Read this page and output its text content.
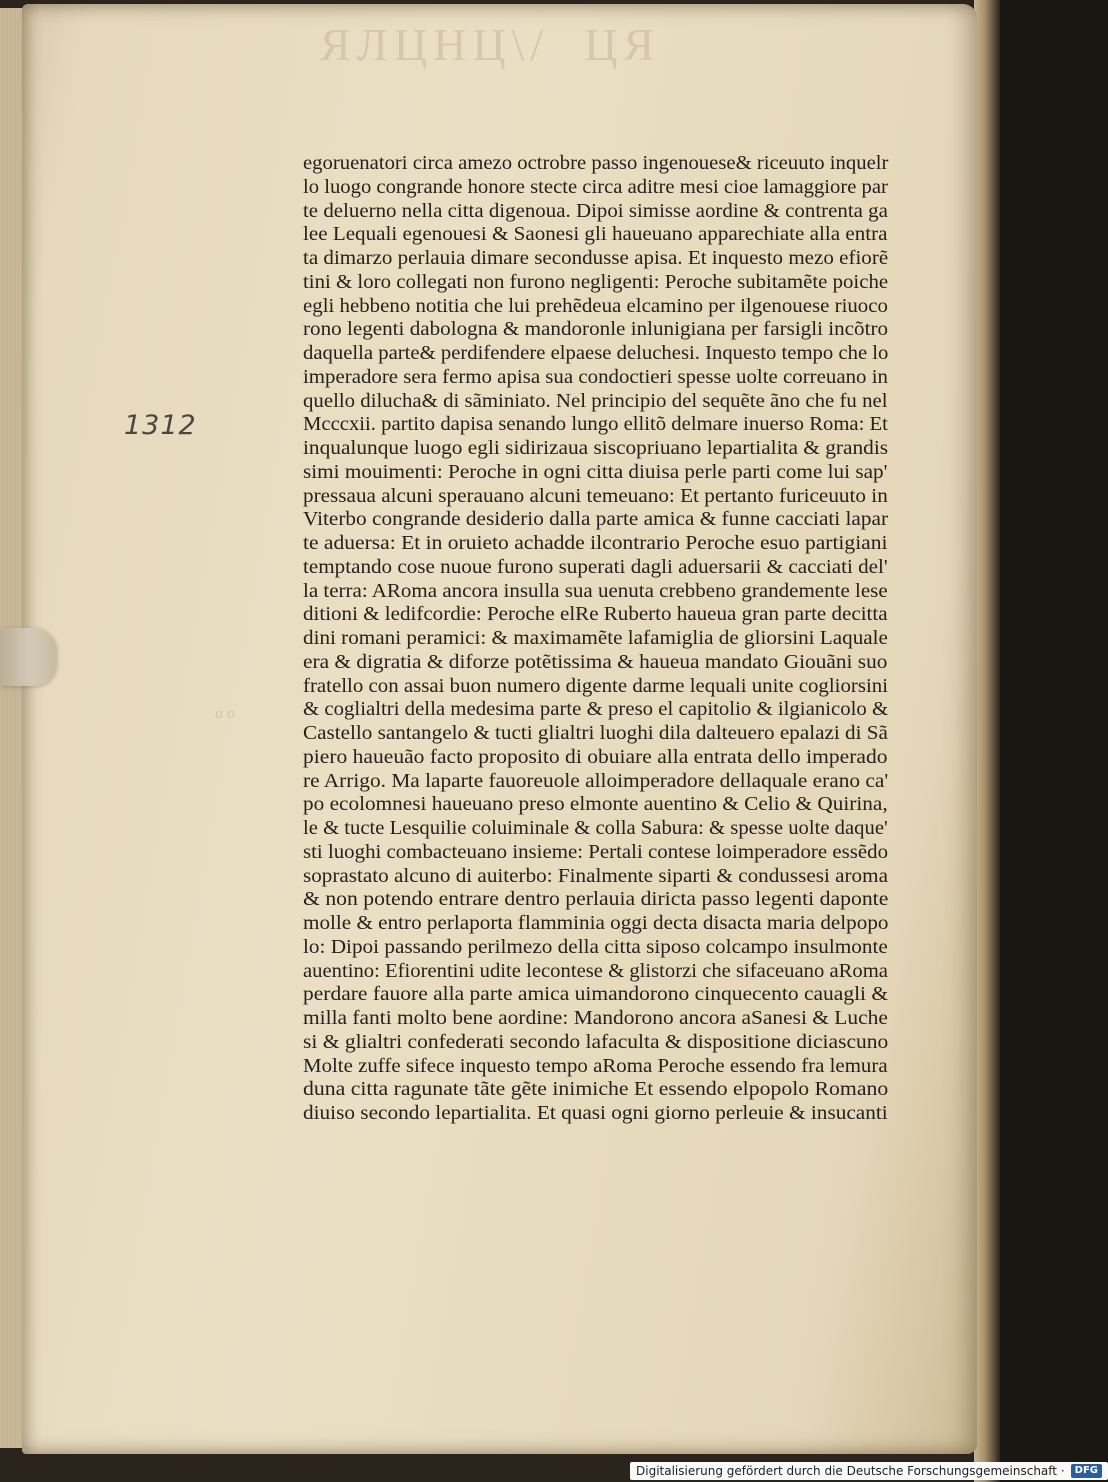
ЯЛЦНЦ\/  ЦЯ
a o
1312
egoruenatori circa amezo octrobre passo ingenouese& riceuuto inquelr
lo luogo congrande honore stecte circa aditre mesi cioe lamaggiore par
te deluerno nella citta digenoua. Dipoi simisse aordine & contrenta ga
lee Lequali egenouesi & Saonesi gli haueuano apparechiate alla entra
ta dimarzo perlauia dimare secondusse apisa. Et inquesto mezo efiorẽ
tini & loro collegati non furono negligenti: Peroche subitamẽte poiche
egli hebbeno notitia che lui prehẽdeua elcamino per ilgenouese riuoco
rono legenti dabologna & mandoronle inlunigiana per farsigli incõtro
daquella parte& perdifendere elpaese deluchesi. Inquesto tempo che lo
imperadore sera fermo apisa sua condoctieri spesse uolte correuano in
quello diluchа& di sãminiato. Nel principio del sequẽte ãno che fu nel
Mcccxii. partito dapisa senando lungo ellitõ delmare inuerso Roma: Et
inqualunque luogo egli sidirizaua siscopriuano lepartialita & grandis
simi mouimenti: Peroche in ogni citta diuisa perle parti come lui sap'
pressaua alcuni sperauano alcuni temeuano: Et pertanto furiceuuto in
Viterbo congrande desiderio dalla parte amica & funne cacciati lapar
te aduersa: Et in oruieto achadde ilcontrario Peroche esuo partigiani
temptando cose nuoue furono superati dagli aduersarii & cacciati del'
la terra: ARoma ancora insulla sua uenuta crebbeno grandemente lese
ditioni & ledifcordie: Peroche elRe Ruberto haueua gran parte decitta
dini romani peramici: & maximamẽte lafamiglia de gliorsini Laquale
era & digratia & diforze potẽtissima & haueua mandato Giouãni suo
fratello con assai buon numero digente darme lequali unite cogliorsini
& coglialtri della medesima parte & preso el capitolio & ilgianicolo &
Castello santangelo & tucti glialtri luoghi dila dalteuero epalazi di Sã
piero haueuão facto proposito di obuiare alla entrata dello imperado
re Arrigo. Ma laparte fauoreuole alloimperadore dellaquale erano ca'
po ecolomnesi haueuano preso elmonte auentino & Celio & Quirina,
le & tucte Lesquilie coluiminale & colla Sabura: & spesse uolte daque'
sti luoghi combacteuano insieme: Pertali contese loimperadore essẽdo
soprastato alcuno di auiterbo: Finalmente siparti & condussesi aroma
& non potendo entrare dentro perlauia diricta passo legenti daponte
molle & entro perlaporta flamminia oggi decta disacta maria delpopo
lo: Dipoi passando perilmezo della citta siposo colcampo insulmonte
auentino: Efiorentini udite lecontese & glistorzi che sifaceuano aRoma
perdare fauore alla parte amica uimandorono cinquecento cauagli &
milla fanti molto bene aordine: Mandorono ancora aSanesi & Luche
si & glialtri confederati secondo lafaculta & dispositione diciascuno
Molte zuffe sifece inquesto tempo aRoma Peroche essendo fra lemura
duna citta ragunate tãte gẽte inimiche Et essendo elpopolo Romano
diuiso secondo lepartialita. Et quasi ogni giorno perleuie & insucanti
Digitalisierung gefördert durch die Deutsche Forschungsgemeinschaft ·	DFG
